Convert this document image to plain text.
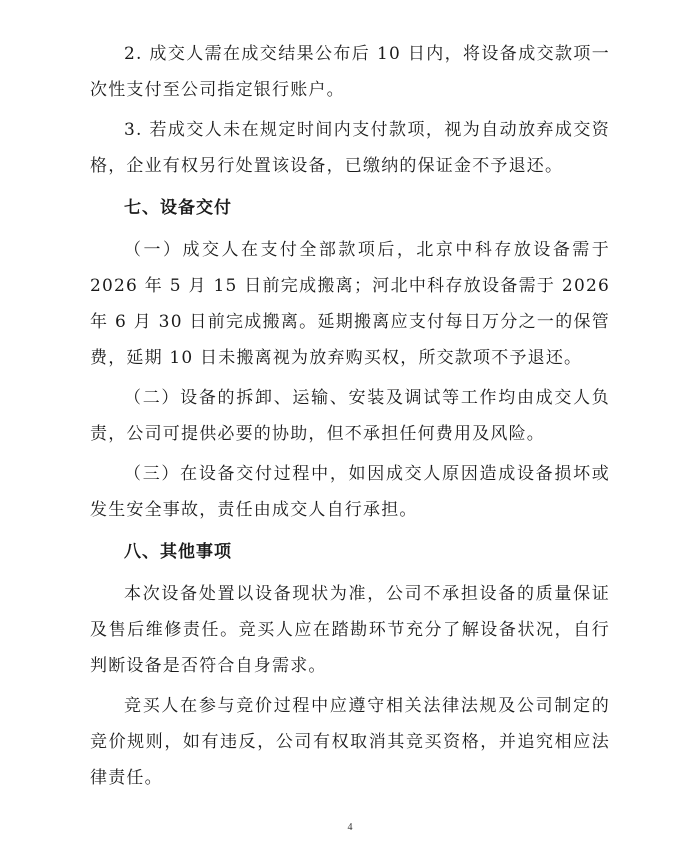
2. 成交人需在成交结果公布后 10 日内，将设备成交款项一次性支付至公司指定银行账户。

3. 若成交人未在规定时间内支付款项，视为自动放弃成交资格，企业有权另行处置该设备，已缴纳的保证金不予退还。

七、设备交付

（一）成交人在支付全部款项后，北京中科存放设备需于 2026 年 5 月 15 日前完成搬离；河北中科存放设备需于 2026 年 6 月 30 日前完成搬离。延期搬离应支付每日万分之一的保管费，延期 10 日未搬离视为放弃购买权，所交款项不予退还。

（二）设备的拆卸、运输、安装及调试等工作均由成交人负责，公司可提供必要的协助，但不承担任何费用及风险。

（三）在设备交付过程中，如因成交人原因造成设备损坏或发生安全事故，责任由成交人自行承担。

八、其他事项

本次设备处置以设备现状为准，公司不承担设备的质量保证及售后维修责任。竞买人应在踏勘环节充分了解设备状况，自行判断设备是否符合自身需求。

竞买人在参与竞价过程中应遵守相关法律法规及公司制定的竞价规则，如有违反，公司有权取消其竞买资格，并追究相应法律责任。

4
